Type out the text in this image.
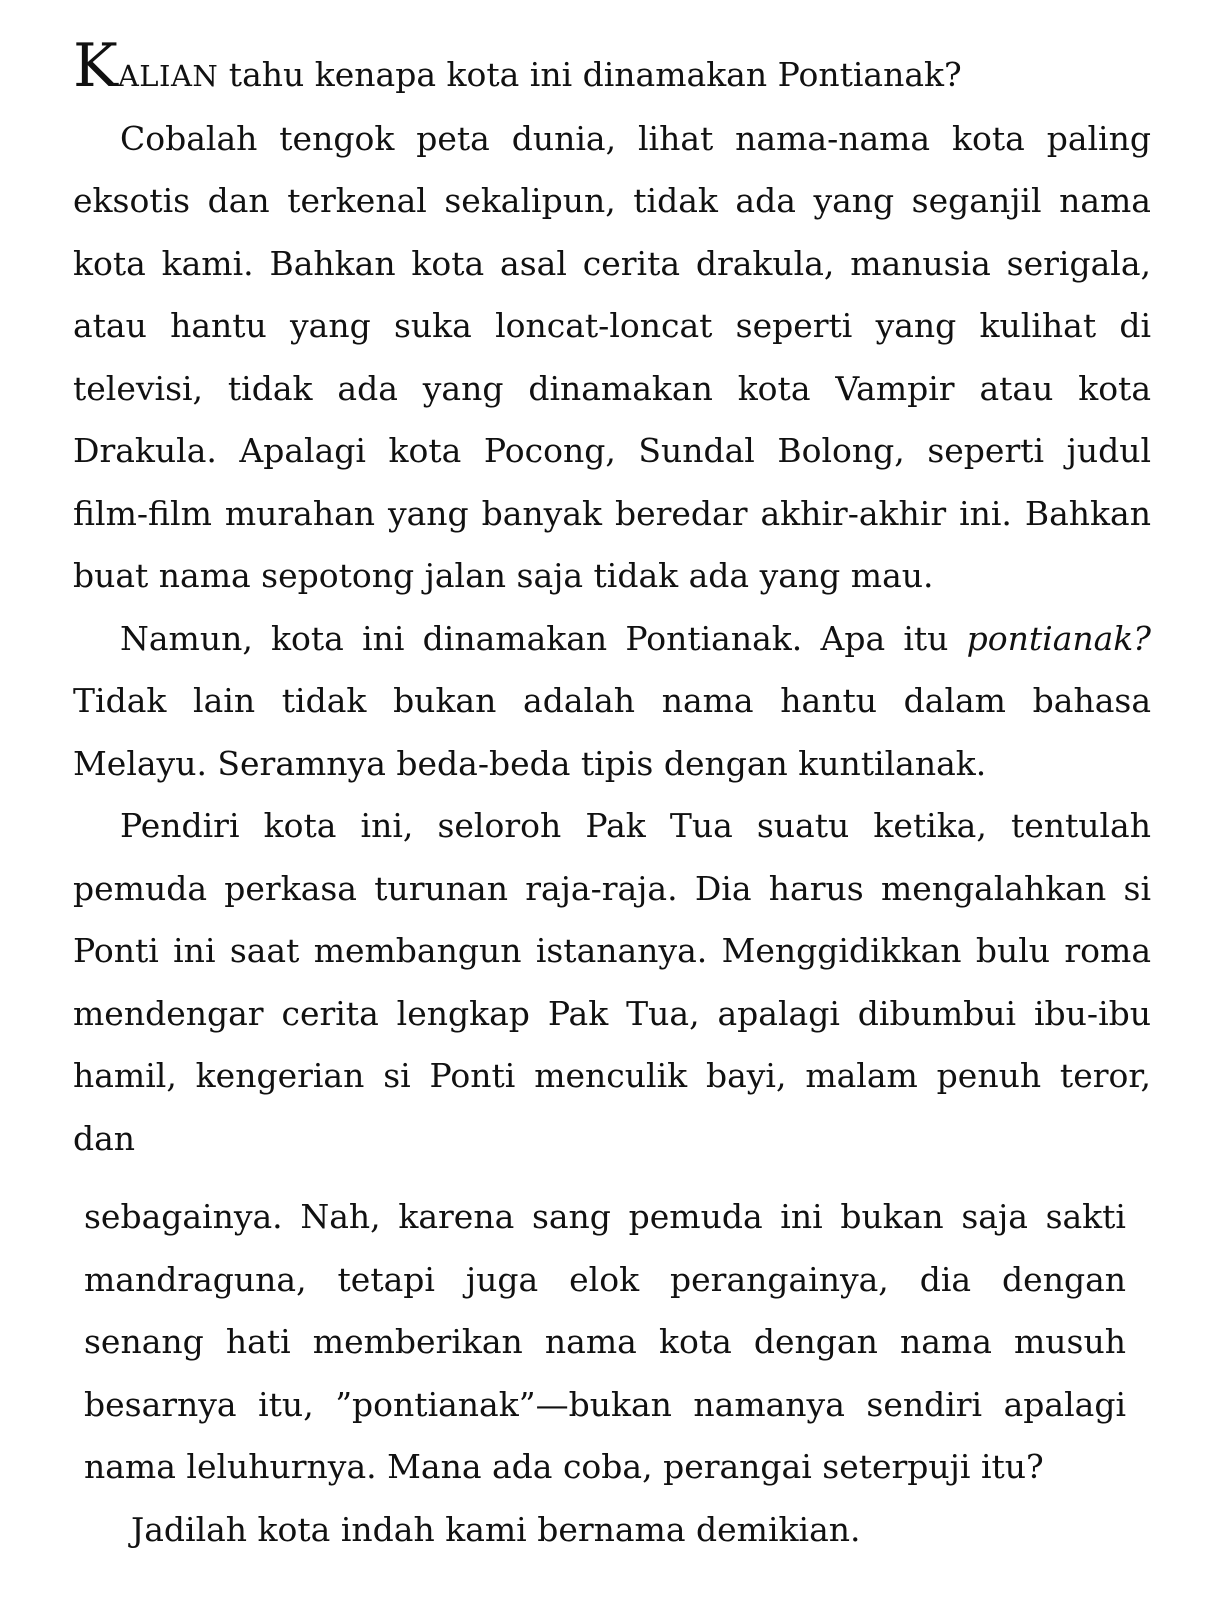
KALIAN tahu kenapa kota ini dinamakan Pontianak?

Cobalah tengok peta dunia, lihat nama-nama kota paling eksotis dan terkenal sekalipun, tidak ada yang seganjil nama kota kami. Bahkan kota asal cerita drakula, manusia serigala, atau hantu yang suka loncat-loncat seperti yang kulihat di televisi, tidak ada yang dinamakan kota Vampir atau kota Drakula. Apalagi kota Pocong, Sundal Bolong, seperti judul film-film murahan yang banyak beredar akhir-akhir ini. Bahkan buat nama sepotong jalan saja tidak ada yang mau.

Namun, kota ini dinamakan Pontianak. Apa itu pontianak? Tidak lain tidak bukan adalah nama hantu dalam bahasa Melayu. Seramnya beda-beda tipis dengan kuntilanak.

Pendiri kota ini, seloroh Pak Tua suatu ketika, tentulah pemuda perkasa turunan raja-raja. Dia harus mengalahkan si Ponti ini saat membangun istananya. Menggidikkan bulu roma mendengar cerita lengkap Pak Tua, apalagi dibumbui ibu-ibu hamil, kengerian si Ponti menculik bayi, malam penuh teror, dan

sebagainya. Nah, karena sang pemuda ini bukan saja sakti mandraguna, tetapi juga elok perangainya, dia dengan senang hati memberikan nama kota dengan nama musuh besarnya itu, ”pontianak”—bukan namanya sendiri apalagi nama leluhurnya. Mana ada coba, perangai seterpuji itu?

Jadilah kota indah kami bernama demikian.
